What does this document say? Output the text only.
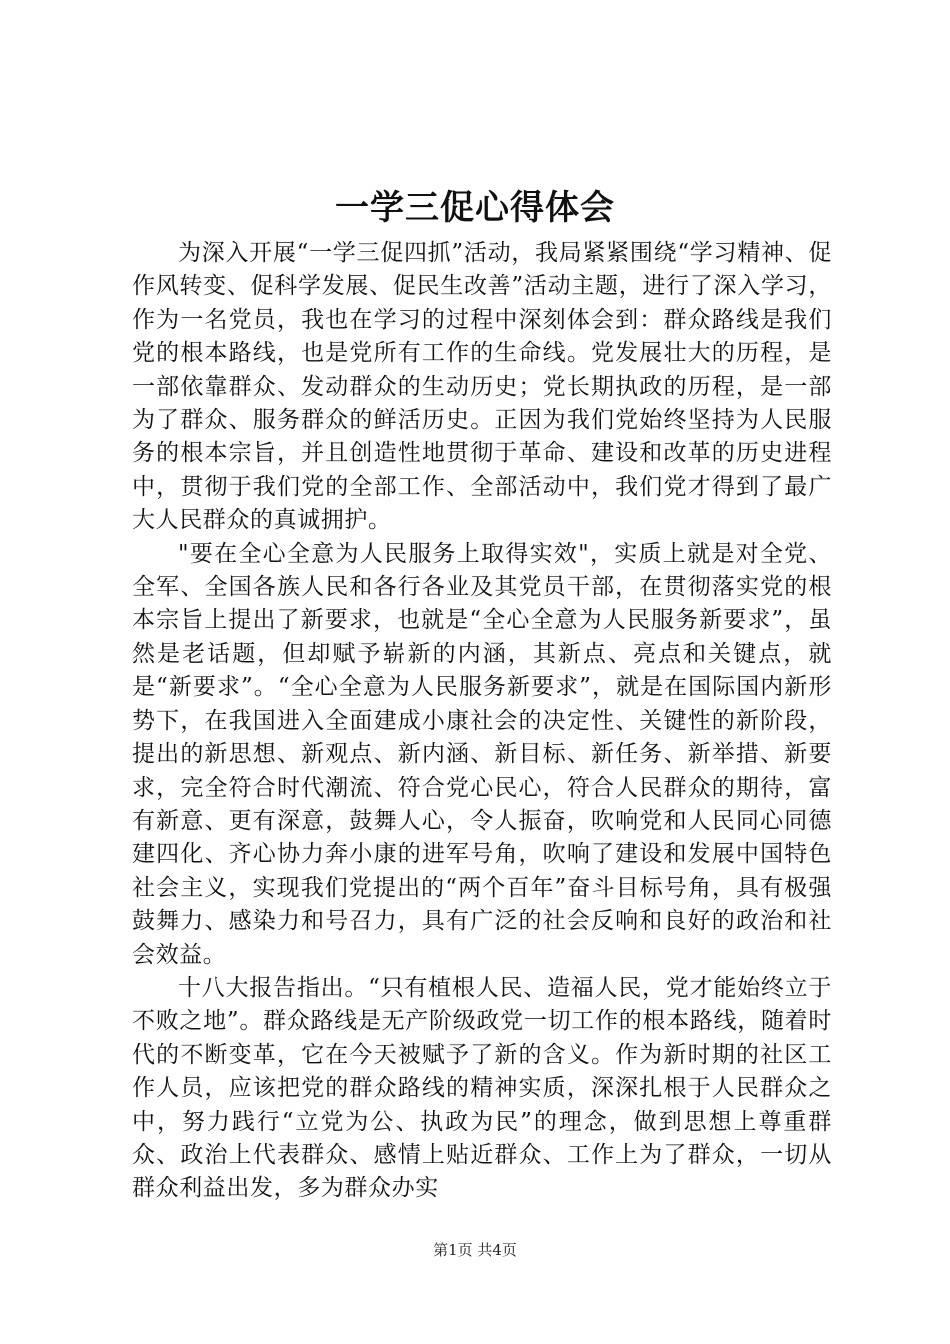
一学三促心得体会

为深入开展“一学三促四抓”活动，我局紧紧围绕“学习精神、促作风转变、促科学发展、促民生改善”活动主题，进行了深入学习，作为一名党员，我也在学习的过程中深刻体会到：群众路线是我们党的根本路线，也是党所有工作的生命线。党发展壮大的历程，是一部依靠群众、发动群众的生动历史；党长期执政的历程，是一部为了群众、服务群众的鲜活历史。正因为我们党始终坚持为人民服务的根本宗旨，并且创造性地贯彻于革命、建设和改革的历史进程中，贯彻于我们党的全部工作、全部活动中，我们党才得到了最广大人民群众的真诚拥护。

"要在全心全意为人民服务上取得实效"，实质上就是对全党、全军、全国各族人民和各行各业及其党员干部，在贯彻落实党的根本宗旨上提出了新要求，也就是“全心全意为人民服务新要求”，虽然是老话题，但却赋予崭新的内涵，其新点、亮点和关键点，就是“新要求”。“全心全意为人民服务新要求”，就是在国际国内新形势下，在我国进入全面建成小康社会的决定性、关键性的新阶段，提出的新思想、新观点、新内涵、新目标、新任务、新举措、新要求，完全符合时代潮流、符合党心民心，符合人民群众的期待，富有新意、更有深意，鼓舞人心，令人振奋，吹响党和人民同心同德建四化、齐心协力奔小康的进军号角，吹响了建设和发展中国特色社会主义，实现我们党提出的“两个百年”奋斗目标号角，具有极强鼓舞力、感染力和号召力，具有广泛的社会反响和良好的政治和社会效益。

十八大报告指出。“只有植根人民、造福人民，党才能始终立于不败之地”。群众路线是无产阶级政党一切工作的根本路线，随着时代的不断变革，它在今天被赋予了新的含义。作为新时期的社区工作人员，应该把党的群众路线的精神实质，深深扎根于人民群众之中，努力践行“立党为公、执政为民”的理念，做到思想上尊重群众、政治上代表群众、感情上贴近群众、工作上为了群众，一切从群众利益出发，多为群众办实

第1页 共4页
